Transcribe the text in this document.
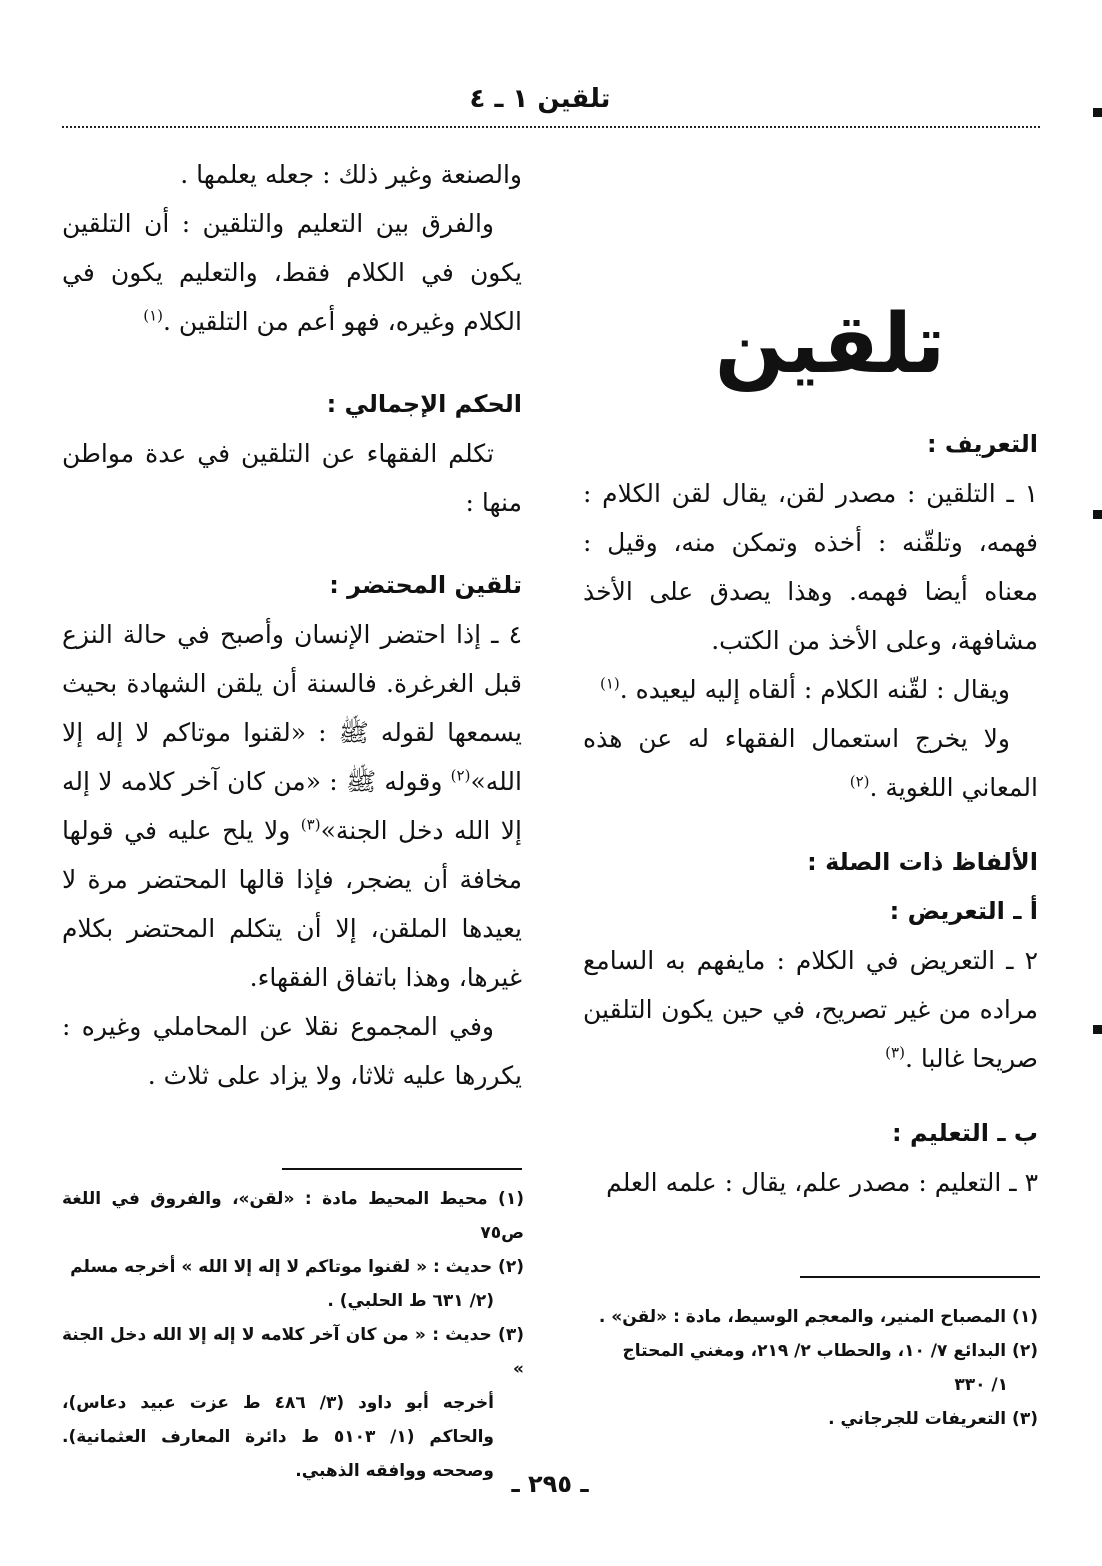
تلقين ١ ـ ٤
تلقين

التعريف :

١ ـ التلقين : مصدر لقن، يقال لقن الكلام : فهمه، وتلقّنه : أخذه وتمكن منه، وقيل : معناه أيضا فهمه. وهذا يصدق على الأخذ مشافهة، وعلى الأخذ من الكتب.

ويقال : لقّنه الكلام : ألقاه إليه ليعيده .$^{(١)}$

ولا يخرج استعمال الفقهاء له عن هذه المعاني اللغوية .$^{(٢)}$

الألفاظ ذات الصلة :

أ ـ التعريض :

٢ ـ التعريض في الكلام : مايفهم به السامع مراده من غير تصريح، في حين يكون التلقين صريحا غالبا .$^{(٣)}$

ب ـ التعليم :

٣ ـ التعليم : مصدر علم، يقال : علمه العلم

والصنعة وغير ذلك : جعله يعلمها .

والفرق بين التعليم والتلقين : أن التلقين يكون في الكلام فقط، والتعليم يكون في الكلام وغيره، فهو أعم من التلقين .$^{(١)}$

الحكم الإجمالي :

تكلم الفقهاء عن التلقين في عدة مواطن منها :

تلقين المحتضر :

٤ ـ إذا احتضر الإنسان وأصبح في حالة النزع قبل الغرغرة. فالسنة أن يلقن الشهادة بحيث يسمعها لقوله ﷺ : «لقنوا موتاكم لا إله إلا الله»$^{(٢)}$ وقوله ﷺ : «من كان آخر كلامه لا إله إلا الله دخل الجنة»$^{(٣)}$ ولا يلح عليه في قولها مخافة أن يضجر، فإذا قالها المحتضر مرة لا يعيدها الملقن، إلا أن يتكلم المحتضر بكلام غيرها، وهذا باتفاق الفقهاء.

وفي المجموع نقلا عن المحاملي وغيره : يكررها عليه ثلاثا، ولا يزاد على ثلاث .

(١) محيط المحيط مادة : «لقن»، والفروق في اللغة ص٧٥

(٢) حديث : « لقنوا موتاكم لا إله إلا الله » أخرجه مسلم

(٢/ ٦٣١ ط الحلبي) .

(٣) حديث : « من كان آخر كلامه لا إله إلا الله دخل الجنة »

أخرجه أبو داود (٣/ ٤٨٦ ط عزت عبيد دعاس)، والحاكم (١/ ٥١٠٣ ط دائرة المعارف العثمانية). وصححه ووافقه الذهبي.

(١) المصباح المنير، والمعجم الوسيط، مادة : «لقن» .

(٢) البدائع ٧/ ١٠، والحطاب ٢/ ٢١٩، ومغني المحتاج

١/ ٣٣٠

(٣) التعريفات للجرجاني .

ـ ٢٩٥ ـ
